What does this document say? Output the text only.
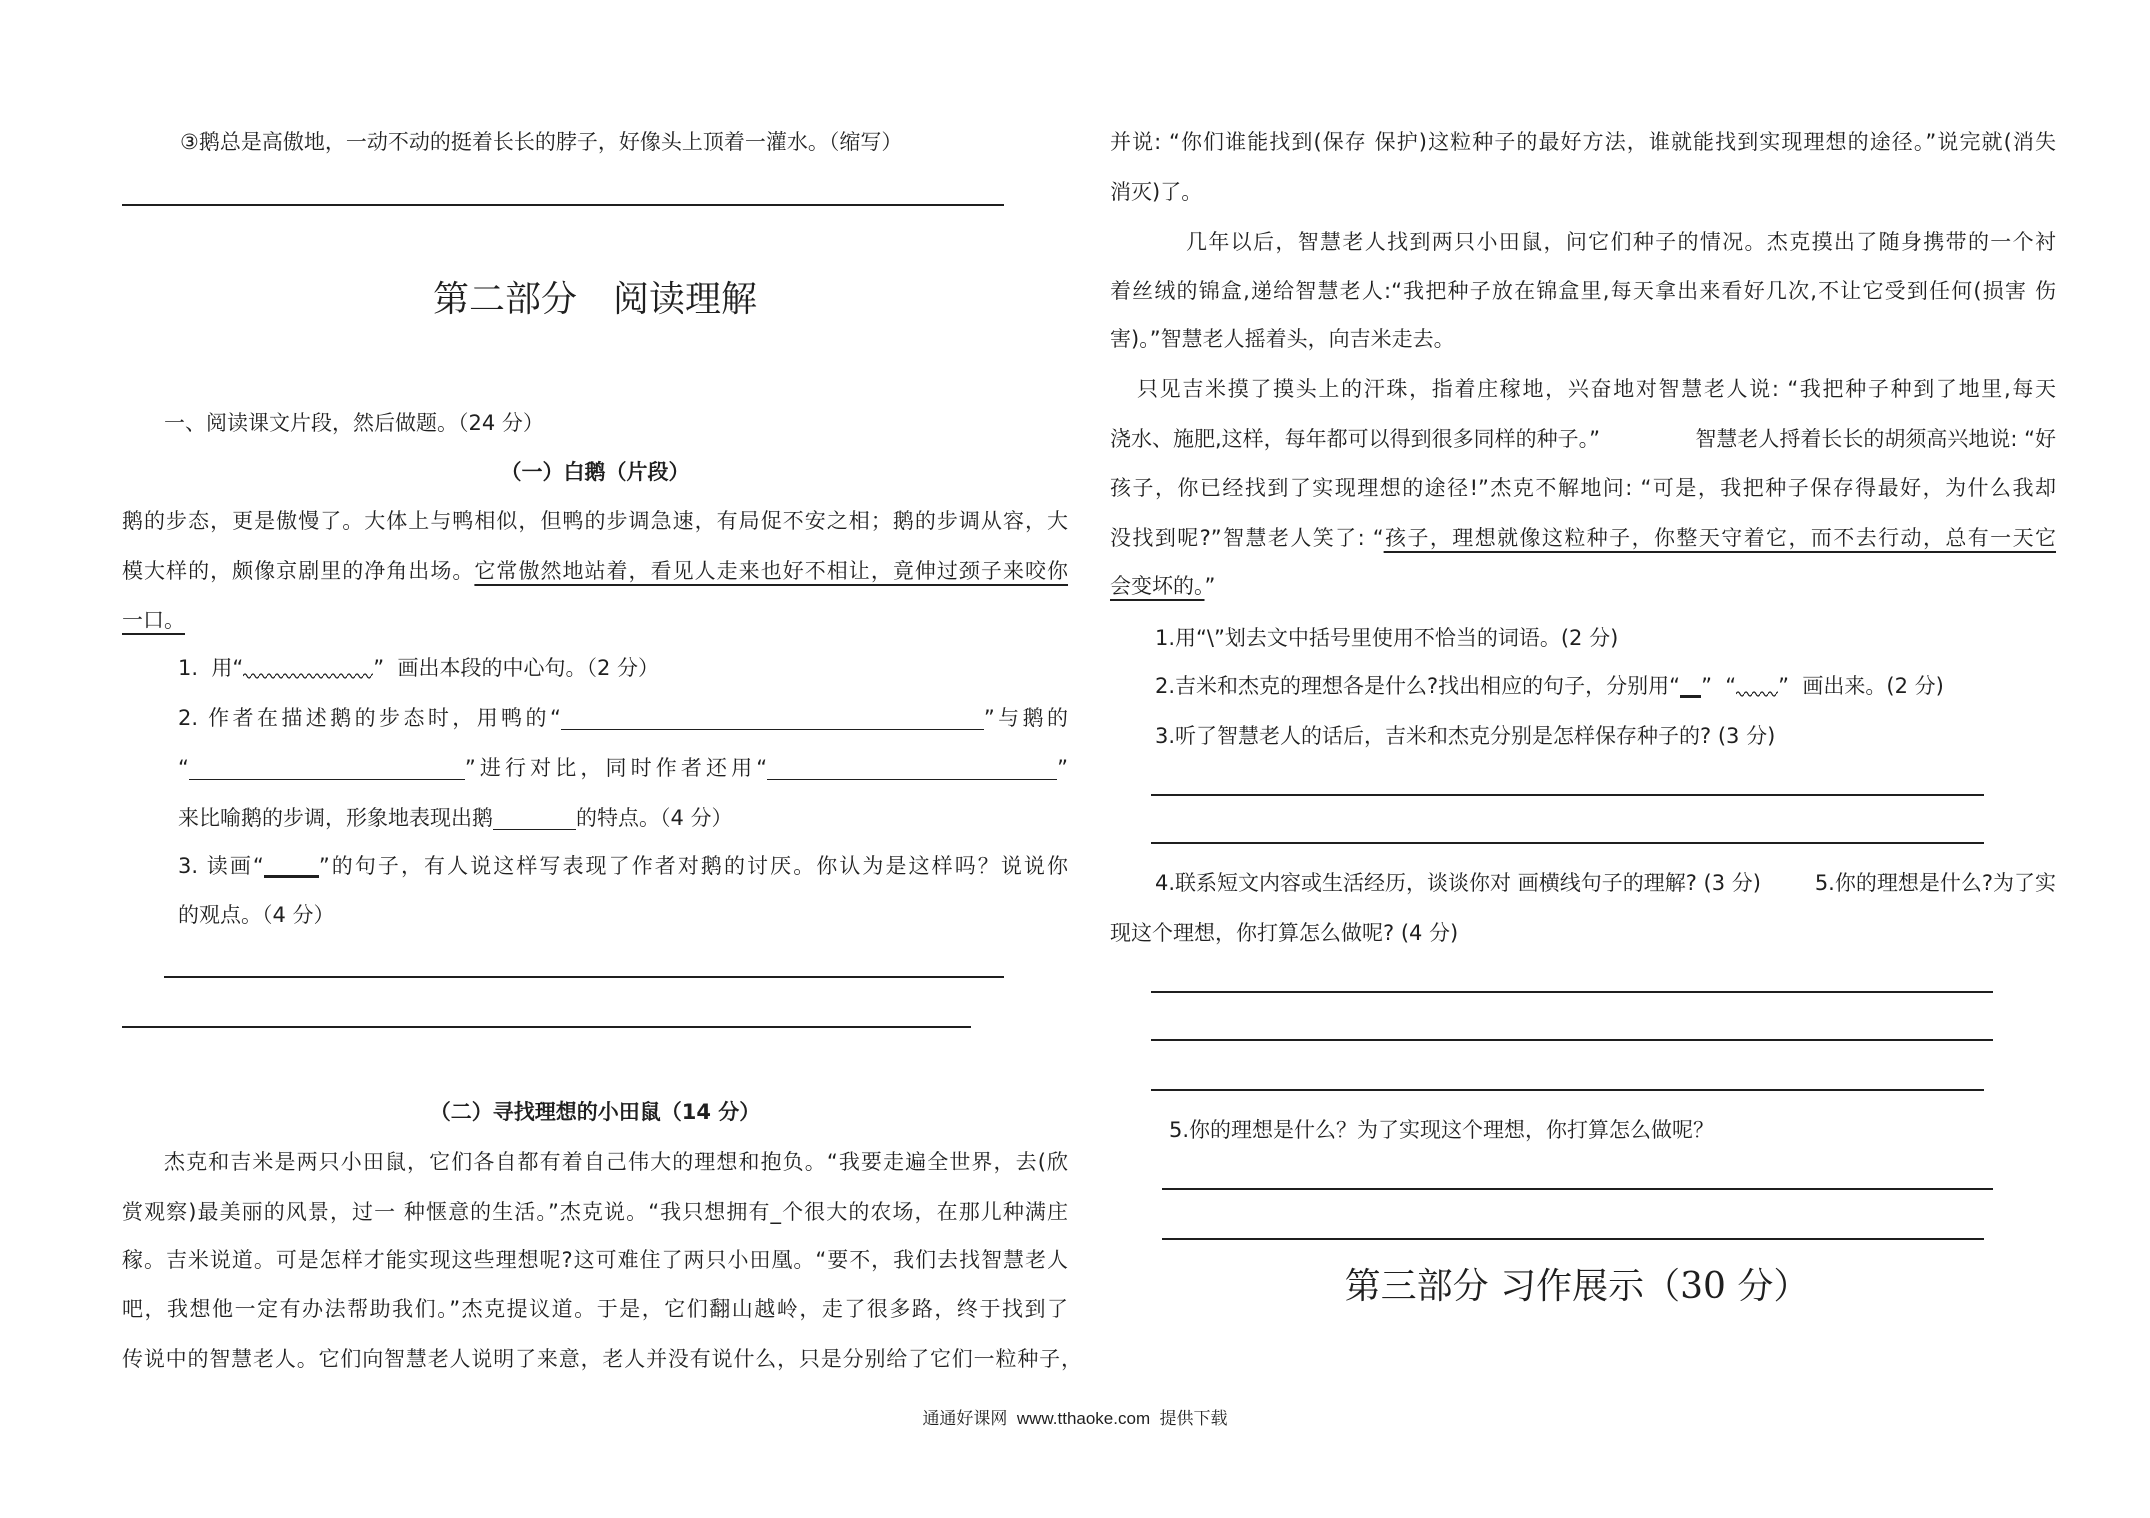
③鹅总是高傲地，一动不动的挺着长长的脖子，好像头上顶着一灌水。（缩写）
第二部分　阅读理解
一、阅读课文片段，然后做题。（24 分）
（一）白鹅（片段）
鹅的步态，更是傲慢了。大体上与鸭相似，但鸭的步调急速，有局促不安之相；鹅的步调从容，大
模大样的，颇像京剧里的净角出场。它常傲然地站着，看见人走来也好不相让，竟伸过颈子来咬你
一口。
1.  用“	”  画出本段的中心句。（2 分）
2. 作者在描述鹅的步态时，用鸭的“	”与鹅的
“	”进行对比，同时作者还用“	”
来比喻鹅的步调，形象地表现出鹅	的特点。（4 分）
3. 读画“	”的句子，有人说这样写表现了作者对鹅的讨厌。你认为是这样吗？说说你
的观点。（4 分）
（二）寻找理想的小田鼠（14 分）
杰克和吉米是两只小田鼠，它们各自都有着自己伟大的理想和抱负。“我要走遍全世界，去(欣
赏观察)最美丽的风景，过一 种惬意的生活。”杰克说。“我只想拥有_个很大的农场，在那儿种满庄
稼。吉米说道。可是怎样才能实现这些理想呢?这可难住了两只小田凰。“要不，我们去找智慧老人
吧，我想他一定有办法帮助我们。”杰克提议道。于是，它们翻山越岭，走了很多路，终于找到了
传说中的智慧老人。它们向智慧老人说明了来意，老人并没有说什么，只是分别给了它们一粒种子，
并说: “你们谁能找到(保存 保护)这粒种子的最好方法，谁就能找到实现理想的途径。”说完就(消失
消灭)了。
几年以后，智慧老人找到两只小田鼠，问它们种子的情况。杰克摸出了随身携带的一个衬
着丝绒的锦盒,递给智慧老人:“我把种子放在锦盒里,每天拿出来看好几次,不让它受到任何(损害 伤
害)。”智慧老人摇着头，向吉米走去。
只见吉米摸了摸头上的汗珠，指着庄稼地，兴奋地对智慧老人说: “我把种子种到了地里,每天
浇水、施肥,这样，每年都可以得到很多同样的种子。”	智慧老人捋着长长的胡须高兴地说: “好
孩子，你已经找到了实现理想的途径!”杰克不解地问: “可是，我把种子保存得最好，为什么我却
没找到呢?”智慧老人笑了: “孩子，理想就像这粒种子，你整天守着它，而不去行动，总有一天它
会变坏的。”
1.用“\”划去文中括号里使用不恰当的词语。(2 分)
2.吉米和杰克的理想各是什么?找出相应的句子，分别用“ ”  “ ”  画出来。(2 分)
3.听了智慧老人的话后，吉米和杰克分别是怎样保存种子的? (3 分)
4.联系短文内容或生活经历，谈谈你对 画横线句子的理解? (3 分)	5.你的理想是什么?为了实
现这个理想，你打算怎么做呢? (4 分)
5.你的理想是什么？为了实现这个理想，你打算怎么做呢？
第三部分 习作展示（30 分）
通通好课网  www.tthaoke.com  提供下载
